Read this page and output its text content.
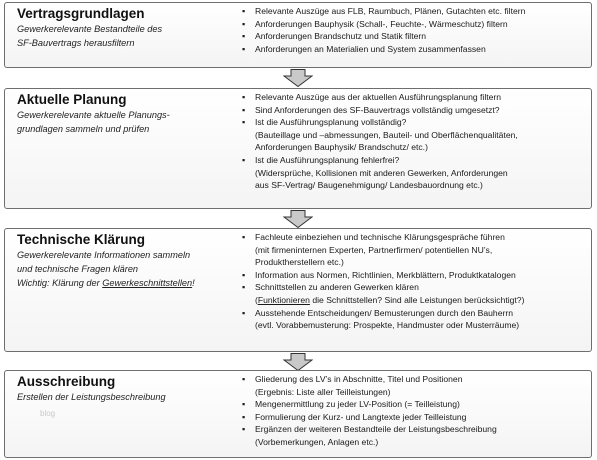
Vertragsgrundlagen
Gewerkerelevante Bestandteile des
SF-Bauvertrags herausfiltern
▪ Relevante Auszüge aus FLB, Raumbuch, Plänen, Gutachten etc. filtern
▪ Anforderungen Bauphysik (Schall-, Feuchte-, Wärmeschutz) filtern
▪ Anforderungen Brandschutz und Statik filtern
▪ Anforderungen an Materialien und System zusammenfassen
Aktuelle Planung
Gewerkerelevante aktuelle Planungs-
grundlagen sammeln und prüfen
▪ Relevante Auszüge aus der aktuellen Ausführungsplanung filtern
▪ Sind Anforderungen des SF-Bauvertrags vollständig umgesetzt?
▪ Ist die Ausführungsplanung vollständig?
(Bauteillage und –abmessungen, Bauteil- und Oberflächenqualitäten,
Anforderungen Bauphysik/ Brandschutz/ etc.)
▪ Ist die Ausführungsplanung fehlerfrei?
(Widersprüche, Kollisionen mit anderen Gewerken, Anforderungen
aus SF-Vertrag/ Baugenehmigung/ Landesbauordnung etc.)
Technische Klärung
Gewerkerelevante Informationen sammeln
und technische Fragen klären
Wichtig: Klärung der Gewerkeschnittstellen!
▪ Fachleute einbeziehen und technische Klärungsgespräche führen
(mit firmeninternen Experten, Partnerfirmen/ potentiellen NU’s,
Produktherstellern etc.)
▪ Information aus Normen, Richtlinien, Merkblättern, Produktkatalogen
▪ Schnittstellen zu anderen Gewerken klären
(Funktionieren die Schnittstellen? Sind alle Leistungen berücksichtigt?)
▪ Ausstehende Entscheidungen/ Bemusterungen durch den Bauherrn
(evtl. Vorabbemusterung: Prospekte, Handmuster oder Musterräume)
Ausschreibung
Erstellen der Leistungsbeschreibung
▪ Gliederung des LV’s in Abschnitte, Titel und Positionen
(Ergebnis: Liste aller Teilleistungen)
▪ Mengenermittlung zu jeder LV-Position (= Teilleistung)
▪ Formulierung der Kurz- und Langtexte jeder Teilleistung
▪ Ergänzen der weiteren Bestandteile der Leistungsbeschreibung
(Vorbemerkungen, Anlagen etc.)
blog
